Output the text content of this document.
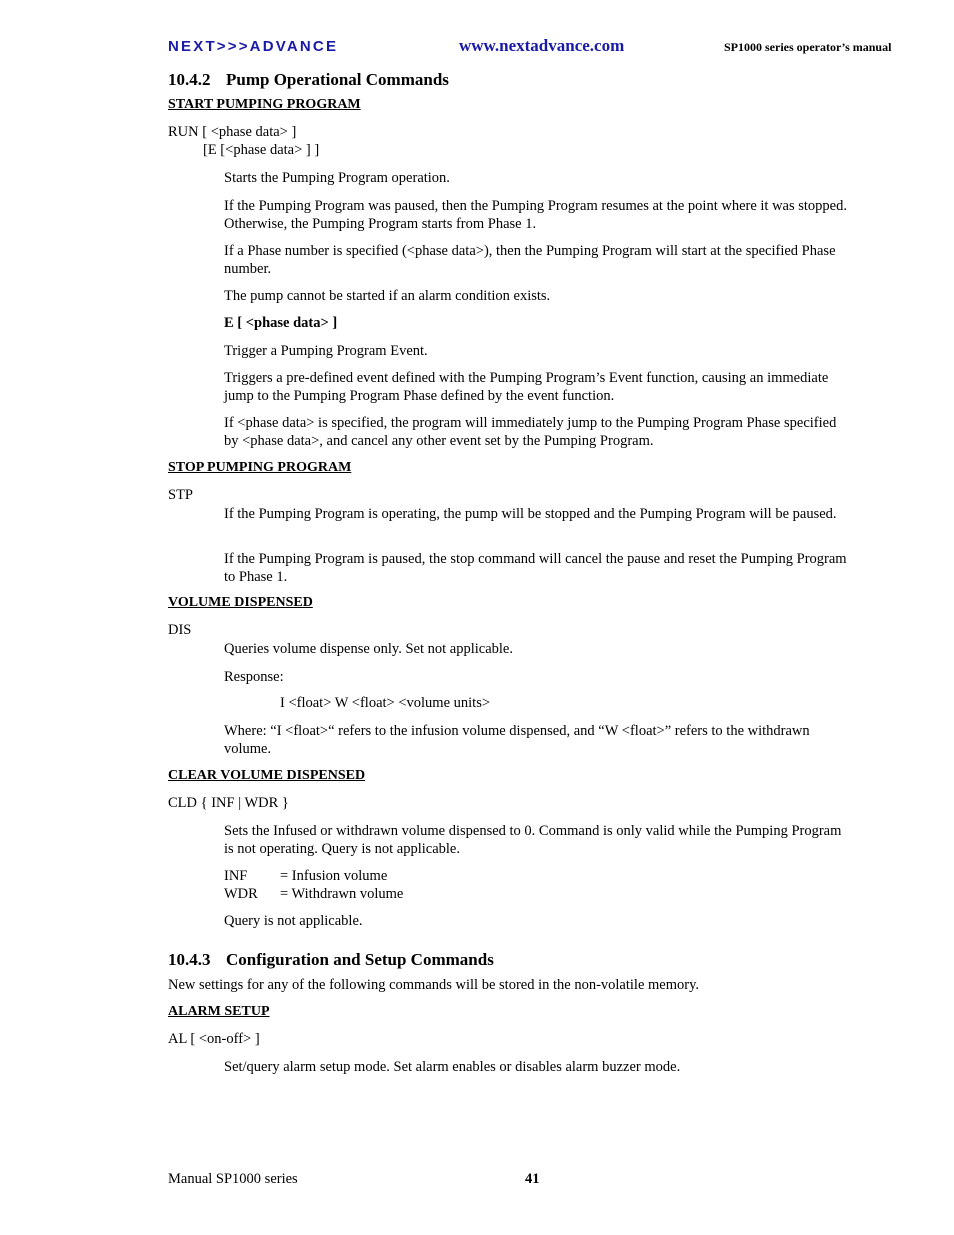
NEXT>>>ADVANCE	www.nextadvance.com	SP1000 series operator’s manual
10.4.2 Pump Operational Commands
START PUMPING PROGRAM
RUN [ <phase data> ]
[E [<phase data> ] ]
Starts the Pumping Program operation.
If the Pumping Program was paused, then the Pumping Program resumes at the point where it was stopped. Otherwise, the Pumping Program starts from Phase 1.
If a Phase number is specified (<phase data>), then the Pumping Program will start at the specified Phase number.
The pump cannot be started if an alarm condition exists.
E [ <phase data> ]
Trigger a Pumping Program Event.
Triggers a pre-defined event defined with the Pumping Program’s Event function, causing an immediate jump to the Pumping Program Phase defined by the event function.
If <phase data> is specified, the program will immediately jump to the Pumping Program Phase specified by <phase data>, and cancel any other event set by the Pumping Program.
STOP PUMPING PROGRAM
STP
If the Pumping Program is operating, the pump will be stopped and the Pumping Program will be paused.
If the Pumping Program is paused, the stop command will cancel the pause and reset the Pumping Program to Phase 1.
VOLUME DISPENSED
DIS
Queries volume dispense only. Set not applicable.
Response:
I <float> W <float> <volume units>
Where: “I <float>“ refers to the infusion volume dispensed, and “W <float>” refers to the withdrawn volume.
CLEAR VOLUME DISPENSED
CLD { INF | WDR }
Sets the Infused or withdrawn volume dispensed to 0. Command is only valid while the Pumping Program is not operating. Query is not applicable.
INF = Infusion volume
WDR = Withdrawn volume
Query is not applicable.
10.4.3 Configuration and Setup Commands
New settings for any of the following commands will be stored in the non-volatile memory.
ALARM SETUP
AL [ <on-off> ]
Set/query alarm setup mode. Set alarm enables or disables alarm buzzer mode.
Manual SP1000 series	41
